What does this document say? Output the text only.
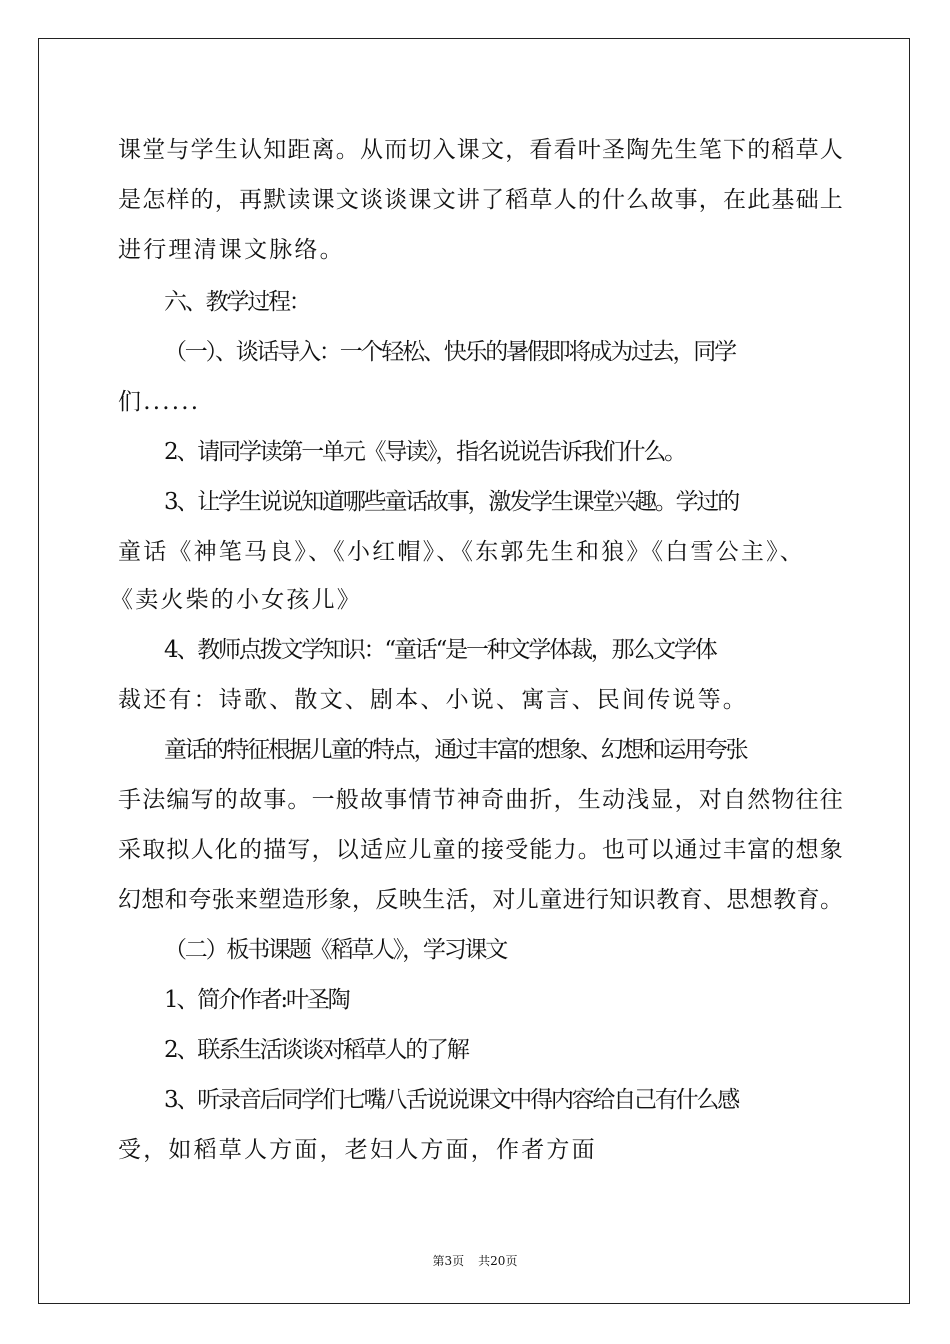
课堂与学生认知距离。从而切入课文，看看叶圣陶先生笔下的稻草人
是怎样的，再默读课文谈谈课文讲了稻草人的什么故事，在此基础上
进行理清课文脉络。
六、教学过程：
（一）、谈话导入：一个轻松、快乐的暑假即将成为过去，同学
们......
2、请同学读第一单元《导读》，指名说说告诉我们什么。
3、让学生说说知道哪些童话故事，激发学生课堂兴趣。学过的
童话《神笔马良》、《小红帽》、《东郭先生和狼》《白雪公主》、
《卖火柴的小女孩儿》
4、教师点拨文学知识：“童话“是一种文学体裁，那么文学体
裁还有：诗歌、散文、剧本、小说、寓言、民间传说等。
童话的特征根据儿童的特点，通过丰富的想象、幻想和运用夸张
手法编写的故事。一般故事情节神奇曲折，生动浅显，对自然物往往
采取拟人化的描写，以适应儿童的接受能力。也可以通过丰富的想象
幻想和夸张来塑造形象，反映生活，对儿童进行知识教育、思想教育。
（二）板书课题《稻草人》，学习课文
1、简介作者:叶圣陶
2、联系生活谈谈对稻草人的了解
3、听录音后同学们七嘴八舌说说课文中得内容给自己有什么感
受，如稻草人方面，老妇人方面，作者方面
第3页 共20页
